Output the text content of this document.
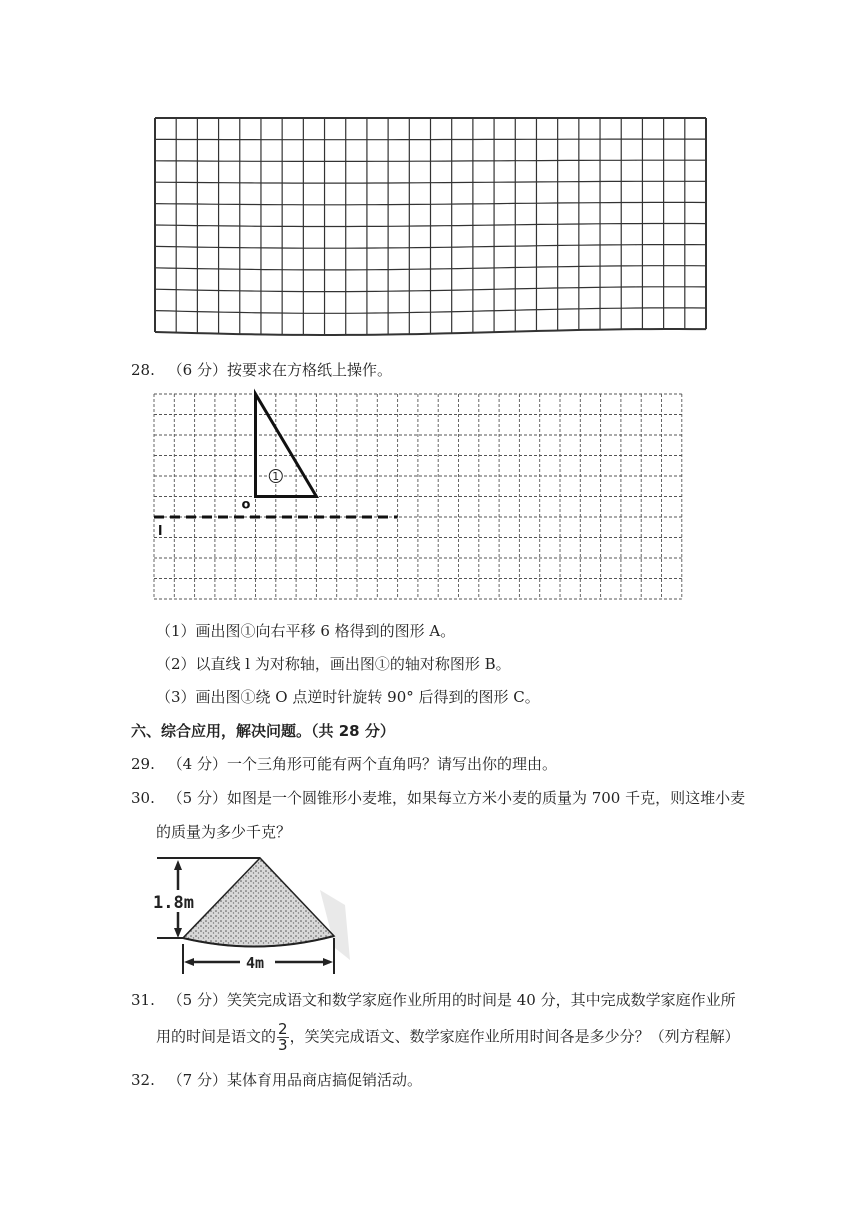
28. （6 分）按要求在方格纸上操作。
1
o
l
（1）画出图①向右平移 6 格得到的图形 A。
（2）以直线 l 为对称轴，画出图①的轴对称图形 B。
（3）画出图①绕 O 点逆时针旋转 90° 后得到的图形 C。
六、综合应用，解决问题。（共 28 分）
29. （4 分）一个三角形可能有两个直角吗？请写出你的理由。
30. （5 分）如图是一个圆锥形小麦堆，如果每立方米小麦的质量为 700 千克，则这堆小麦
的质量为多少千克？
1.8m
4m
31. （5 分）笑笑完成语文和数学家庭作业所用的时间是 40 分，其中完成数学家庭作业所
用的时间是语文的 $\frac{2}{3}$ ，笑笑完成语文、数学家庭作业所用时间各是多少分？（列方程解）
32. （7 分）某体育用品商店搞促销活动。
